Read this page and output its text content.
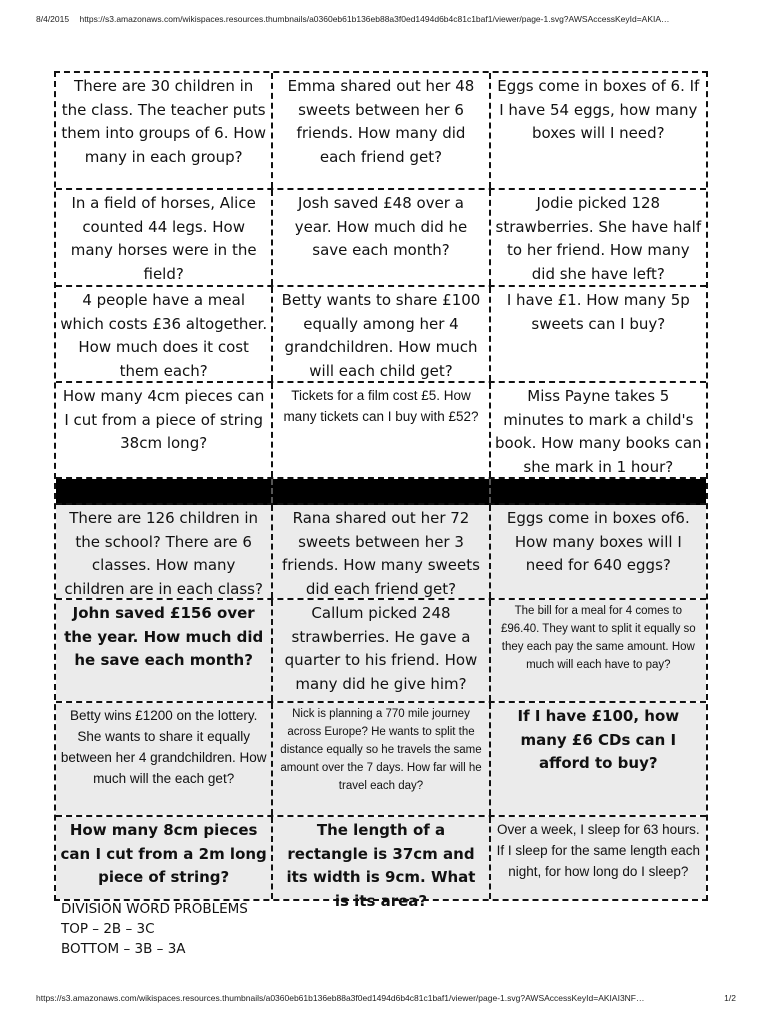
8/4/2015 https://s3.amazonaws.com/wikispaces.resources.thumbnails/a0360eb61b136eb88a3f0ed1494d6b4c81c1baf1/viewer/page-1.svg?AWSAccessKeyId=AKIA…
There are 30 children in the class. The teacher puts them into groups of 6. How many in each group?
Emma shared out her 48 sweets between her 6 friends. How many did each friend get?
Eggs come in boxes of 6. If I have 54 eggs, how many boxes will I need?
In a field of horses, Alice counted 44 legs. How many horses were in the field?
Josh saved £48 over a year. How much did he save each month?
Jodie picked 128 strawberries. She have half to her friend. How many did she have left?
4 people have a meal which costs £36 altogether. How much does it cost them each?
Betty wants to share £100 equally among her 4 grandchildren. How much will each child get?
I have £1. How many 5p sweets can I buy?
How many 4cm pieces can I cut from a piece of string 38cm long?
Tickets for a film cost £5. How many tickets can I buy with £52?
Miss Payne takes 5 minutes to mark a child's book. How many books can she mark in 1 hour?
There are 126 children in the school? There are 6 classes. How many children are in each class?
Rana shared out her 72 sweets between her 3 friends. How many sweets did each friend get?
Eggs come in boxes of6. How many boxes will I need for 640 eggs?
John saved £156 over the year. How much did he save each month?
Callum picked 248 strawberries. He gave a quarter to his friend. How many did he give him?
The bill for a meal for 4 comes to £96.40. They want to split it equally so they each pay the same amount. How much will each have to pay?
Betty wins £1200 on the lottery. She wants to share it equally between her 4 grandchildren. How much will the each get?
Nick is planning a 770 mile journey across Europe? He wants to split the distance equally so he travels the same amount over the 7 days. How far will he travel each day?
If I have £100, how many £6 CDs can I afford to buy?
How many 8cm pieces can I cut from a 2m long piece of string?
The length of a rectangle is 37cm and its width is 9cm. What is its area?
Over a week, I sleep for 63 hours. If I sleep for the same length each night, for how long do I sleep?
DIVISION WORD PROBLEMS
TOP – 2B – 3C
BOTTOM – 3B – 3A
https://s3.amazonaws.com/wikispaces.resources.thumbnails/a0360eb61b136eb88a3f0ed1494d6b4c81c1baf1/viewer/page-1.svg?AWSAccessKeyId=AKIAI3NF…	1/2
